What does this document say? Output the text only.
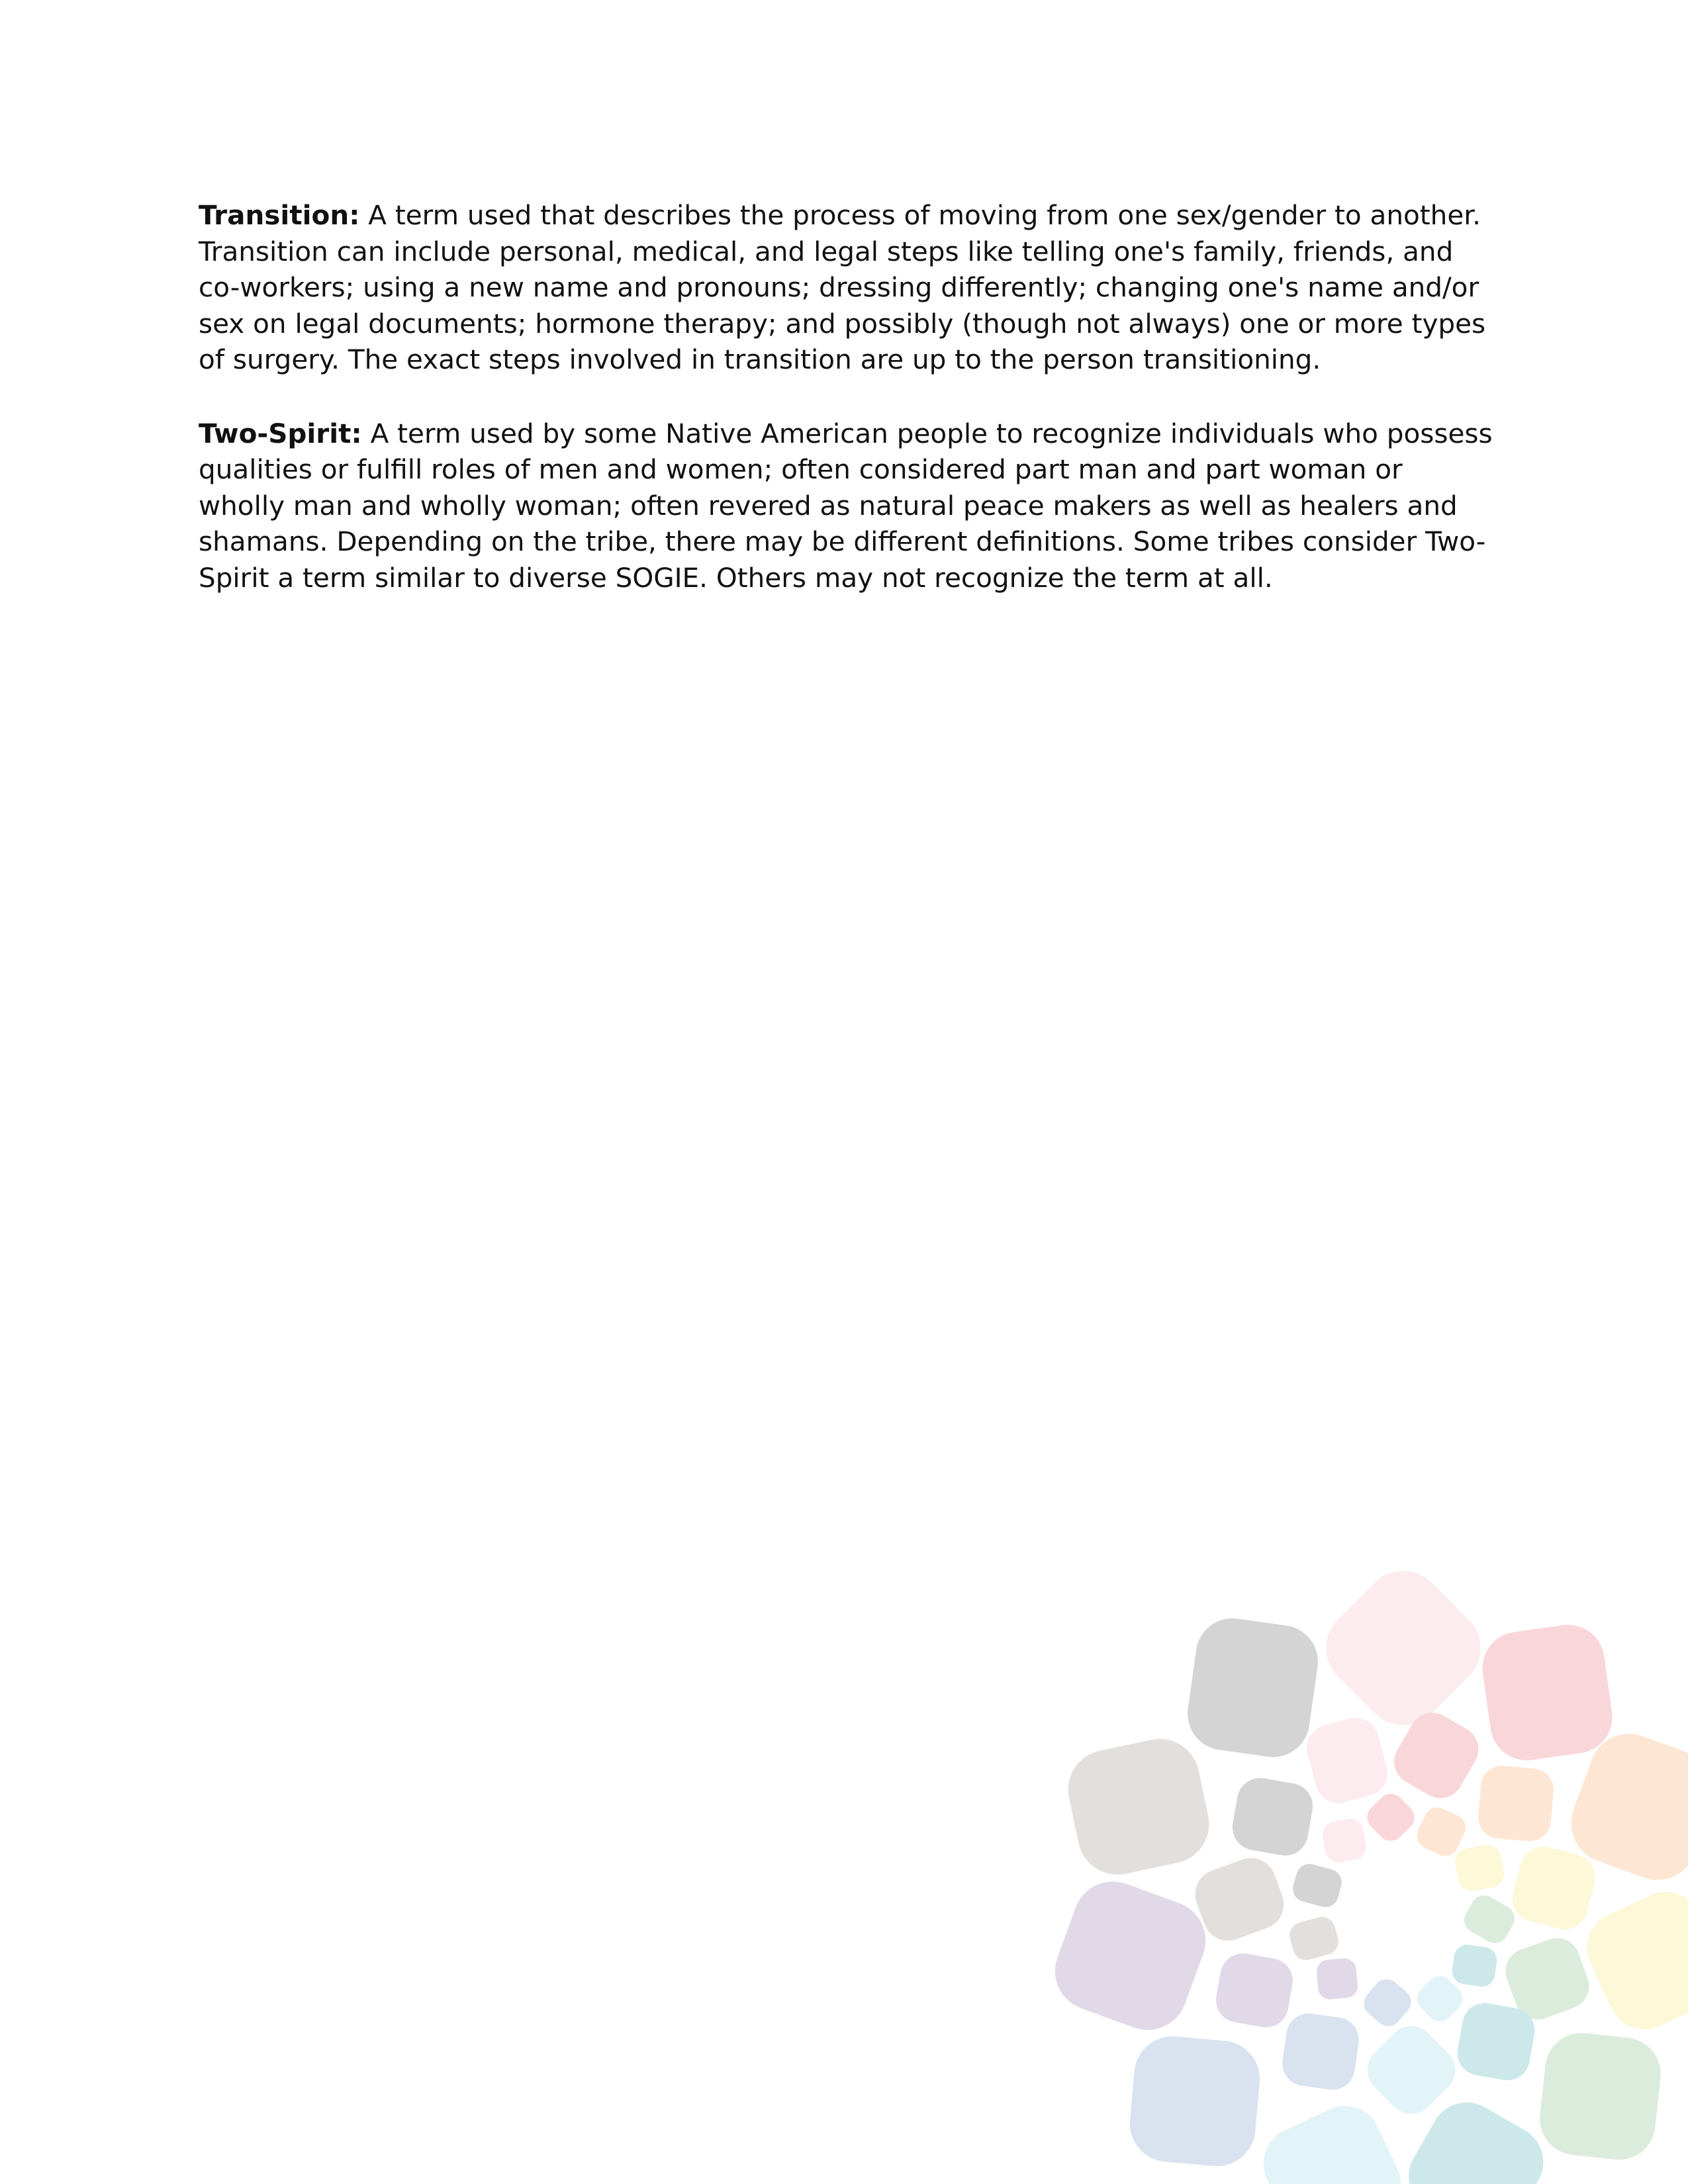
Transition: A term used that describes the process of moving from one sex/gender to another. Transition can include personal, medical, and legal steps like telling one's family, friends, and co-workers; using a new name and pronouns; dressing differently; changing one's name and/or sex on legal documents; hormone therapy; and possibly (though not always) one or more types of surgery. The exact steps involved in transition are up to the person transitioning.

Two-Spirit: A term used by some Native American people to recognize individuals who possess qualities or fulfill roles of men and women; often considered part man and part woman or wholly man and wholly woman; often revered as natural peace makers as well as healers and shamans. Depending on the tribe, there may be different definitions. Some tribes consider Two-Spirit a term similar to diverse SOGIE. Others may not recognize the term at all.
